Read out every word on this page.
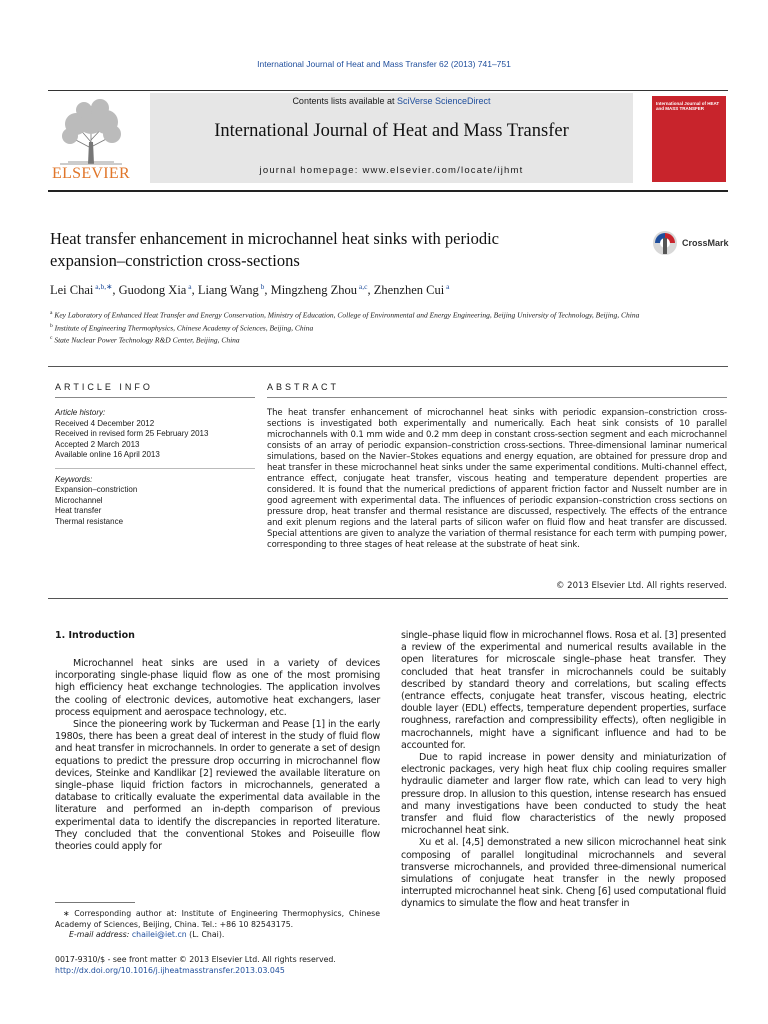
International Journal of Heat and Mass Transfer 62 (2013) 741–751
ELSEVIER
Contents lists available at SciVerse ScienceDirect
International Journal of Heat and Mass Transfer
journal homepage: www.elsevier.com/locate/ijhmt
International Journal of HEAT and MASS TRANSFER
Heat transfer enhancement in microchannel heat sinks with periodic
expansion–constriction cross-sections
CrossMark
Lei Chai $^{a,b,∗}$, Guodong Xia $^a$, Liang Wang $^b$, Mingzheng Zhou $^{a,c}$, Zhenzhen Cui $^a$
$^a$ Key Laboratory of Enhanced Heat Transfer and Energy Conservation, Ministry of Education, College of Environmental and Energy Engineering, Beijing University of Technology, Beijing, China
$^b$ Institute of Engineering Thermophysics, Chinese Academy of Sciences, Beijing, China
$^c$ State Nuclear Power Technology R&D Center, Beijing, China
ARTICLE INFO	ABSTRACT
Article history:
Received 4 December 2012
Received in revised form 25 February 2013
Accepted 2 March 2013
Available online 16 April 2013
Keywords:
Expansion–constriction
Microchannel
Heat transfer
Thermal resistance
The heat transfer enhancement of microchannel heat sinks with periodic expansion–constriction cross-sections is investigated both experimentally and numerically. Each heat sink consists of 10 parallel microchannels with 0.1 mm wide and 0.2 mm deep in constant cross-section segment and each microchannel consists of an array of periodic expansion–constriction cross-sections. Three-dimensional laminar numerical simulations, based on the Navier–Stokes equations and energy equation, are obtained for pressure drop and heat transfer in these microchannel heat sinks under the same experimental conditions. Multi-channel effect, entrance effect, conjugate heat transfer, viscous heating and temperature dependent properties are considered. It is found that the numerical predictions of apparent friction factor and Nusselt number are in good agreement with experimental data. The influences of periodic expansion–constriction cross sections on pressure drop, heat transfer and thermal resistance are discussed, respectively. The effects of the entrance and exit plenum regions and the lateral parts of silicon wafer on fluid flow and heat transfer are discussed. Special attentions are given to analyze the variation of thermal resistance for each term with pumping power, corresponding to three stages of heat release at the substrate of heat sink.
© 2013 Elsevier Ltd. All rights reserved.
1. Introduction

Microchannel heat sinks are used in a variety of devices incorporating single-phase liquid flow as one of the most promising high efficiency heat exchange technologies. The application involves the cooling of electronic devices, automotive heat exchangers, laser process equipment and aerospace technology, etc.

Since the pioneering work by Tuckerman and Pease [1] in the early 1980s, there has been a great deal of interest in the study of fluid flow and heat transfer in microchannels. In order to generate a set of design equations to predict the pressure drop occurring in microchannel flow devices, Steinke and Kandlikar [2] reviewed the available literature on single–phase liquid friction factors in microchannels, generated a database to critically evaluate the experimental data available in the literature and performed an in-depth comparison of previous experimental data to identify the discrepancies in reported literature. They concluded that the conventional Stokes and Poiseuille flow theories could apply for

single–phase liquid flow in microchannel flows. Rosa et al. [3] presented a review of the experimental and numerical results available in the open literatures for microscale single–phase heat transfer. They concluded that heat transfer in microchannels could be suitably described by standard theory and correlations, but scaling effects (entrance effects, conjugate heat transfer, viscous heating, electric double layer (EDL) effects, temperature dependent properties, surface roughness, rarefaction and compressibility effects), often negligible in macrochannels, might have a significant influence and had to be accounted for.

Due to rapid increase in power density and miniaturization of electronic packages, very high heat flux chip cooling requires smaller hydraulic diameter and larger flow rate, which can lead to very high pressure drop. In allusion to this question, intense research has ensued and many investigations have been conducted to study the heat transfer and fluid flow characteristics of the newly proposed microchannel heat sink.

Xu et al. [4,5] demonstrated a new silicon microchannel heat sink composing of parallel longitudinal microchannels and several transverse microchannels, and provided three-dimensional numerical simulations of conjugate heat transfer in the newly proposed interrupted microchannel heat sink. Cheng [6] used computational fluid dynamics to simulate the flow and heat transfer in

∗ Corresponding author at: Institute of Engineering Thermophysics, Chinese Academy of Sciences, Beijing, China. Tel.: +86 10 82543175.
E-mail address: chailei@iet.cn (L. Chai).
0017-9310/$ - see front matter © 2013 Elsevier Ltd. All rights reserved.
http://dx.doi.org/10.1016/j.ijheatmasstransfer.2013.03.045
